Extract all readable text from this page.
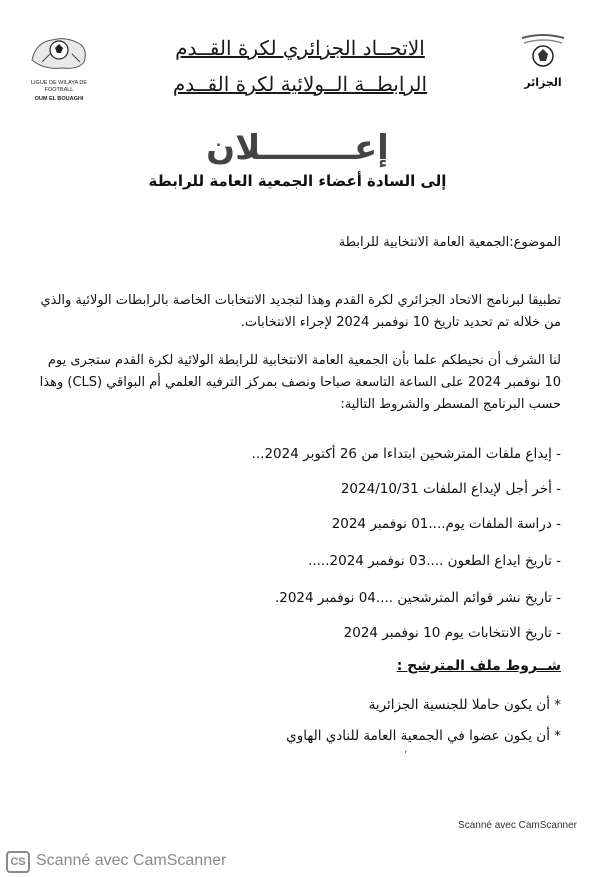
LIGUE DE WILAYA DE FOOTBALL
OUM EL BOUAGHI
الجزائر
الاتحــاد الجزائري لكرة القــدم
الرابطــة الــولائية لكرة القــدم
إعــــــــلان
إلى السادة أعضاء الجمعية العامة للرابطة
الموضوع:الجمعية العامة الانتخابية للرابطة
تطبيقا لبرنامج الاتحاد الجزائري لكرة القدم وهذا لتجديد الانتخابات الخاصة بالرابطات الولائية والذي
من خلاله تم تحديد تاريخ 10 نوفمبر 2024 لإجراء الانتخابات.
لنا الشرف أن نحيطكم علما بأن الجمعية العامة الانتخابية للرابطة الولائية لكرة القدم ستجرى يوم
10 نوفمبر 2024 على الساعة التاسعة صباحا ونصف بمركز الترفيه العلمي أم البواقي (CLS) وهذا
حسب البرنامج المسطر والشروط التالية:
- إيداع ملفات المترشحين ابتداءا من 26 أكتوبر 2024...
- أخر أجل لإيداع الملفات 2024/10/31
- دراسة الملفات يوم....01 نوفمبر 2024
- تاريخ ايداع الطعون ....03 نوفمبر 2024.....
- تاريخ نشر قوائم المترشحين ....04 نوفمبر 2024.
- تاريخ الانتخابات يوم 10 نوفمبر 2024
شــروط ملف المترشح :
* أن يكون حاملا للجنسية الجزائرية
* أن يكون عضوا في الجمعية العامة للنادي الهاوي
ʼ
Scanné avec CamScanner
CS Scanné avec CamScanner
